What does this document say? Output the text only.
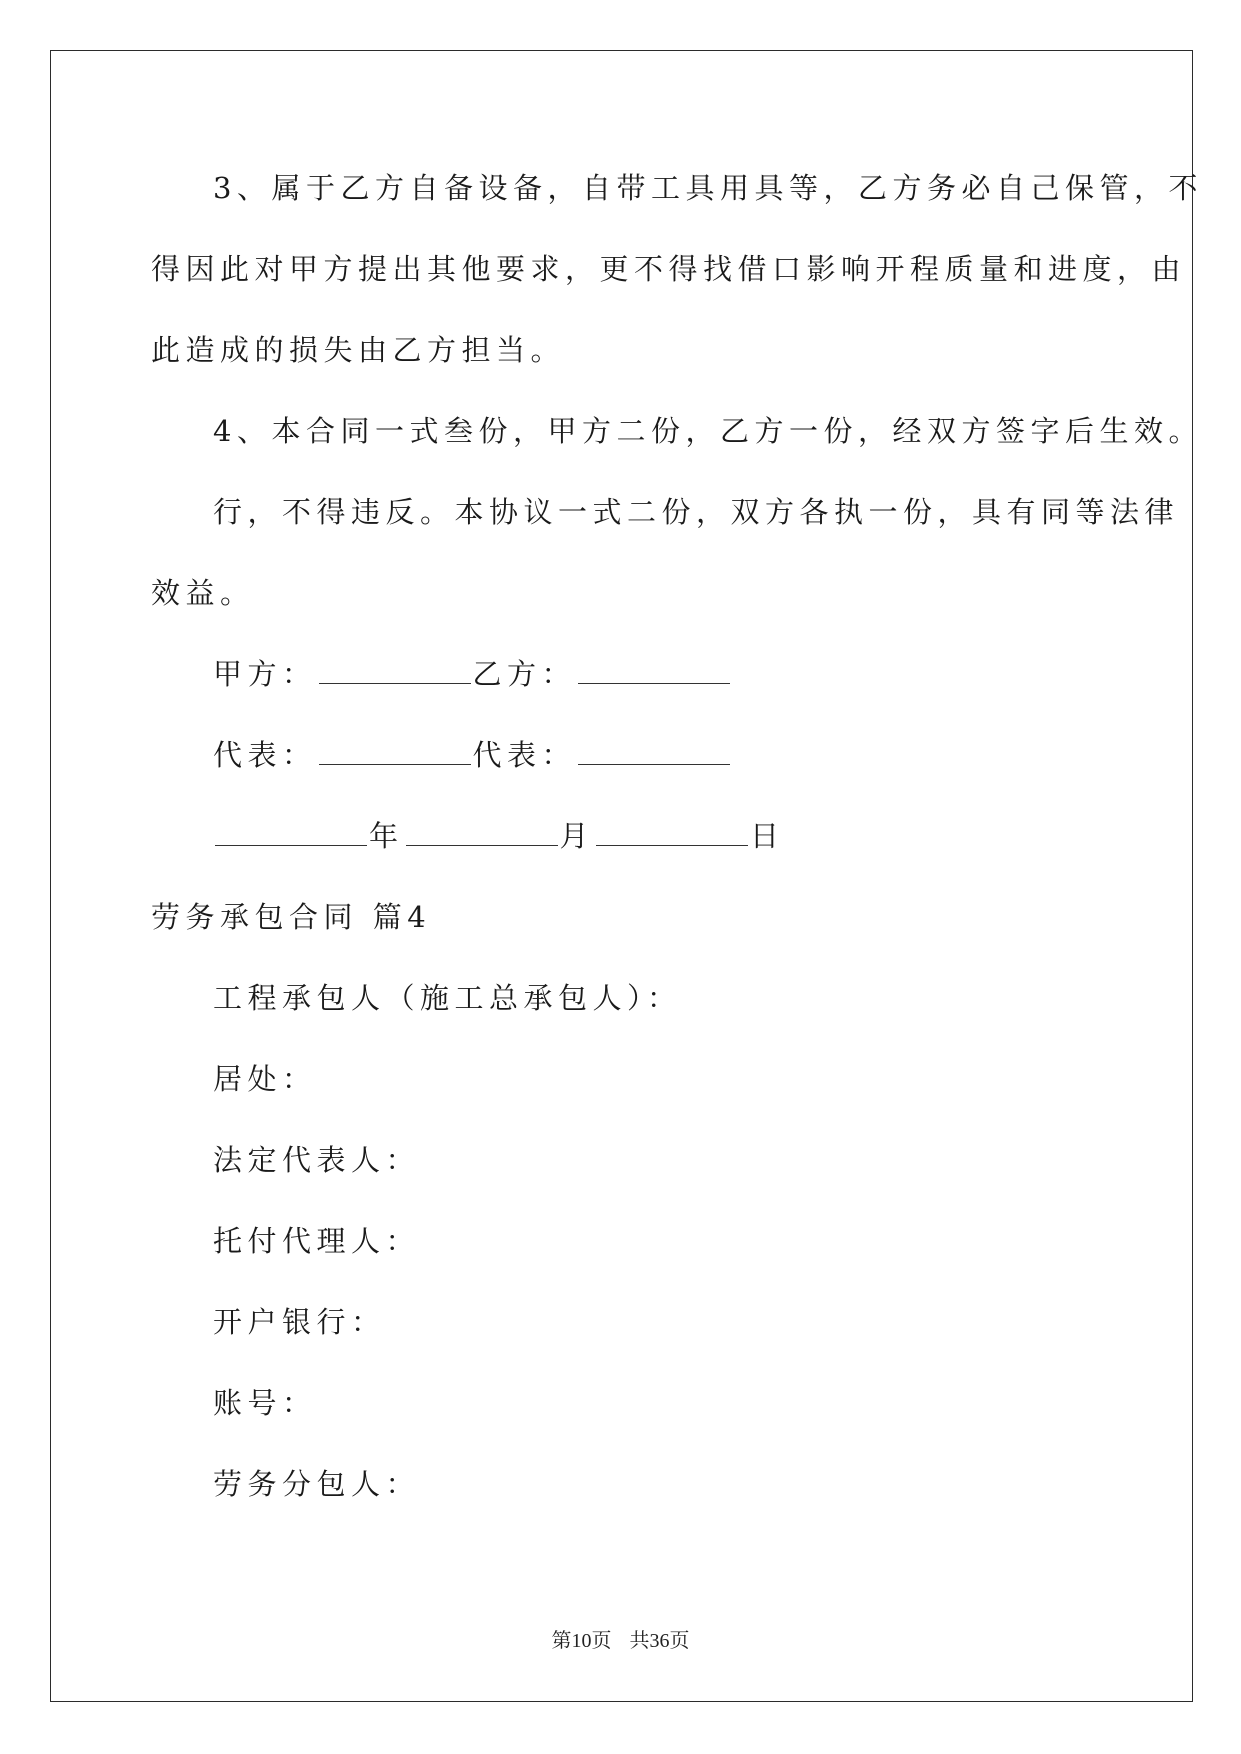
3、属于乙方自备设备，自带工具用具等，乙方务必自己保管，不
得因此对甲方提出其他要求，更不得找借口影响开程质量和进度，由
此造成的损失由乙方担当。
4、本合同一式叁份，甲方二份，乙方一份，经双方签字后生效。
行，不得违反。本协议一式二份，双方各执一份，具有同等法律
效益。
甲方：	乙方：
代表：	代表：
年	月	日
劳务承包合同 篇4
工程承包人（施工总承包人）：
居处：
法定代表人：
托付代理人：
开户银行：
账号：
劳务分包人：
第10页 共36页
